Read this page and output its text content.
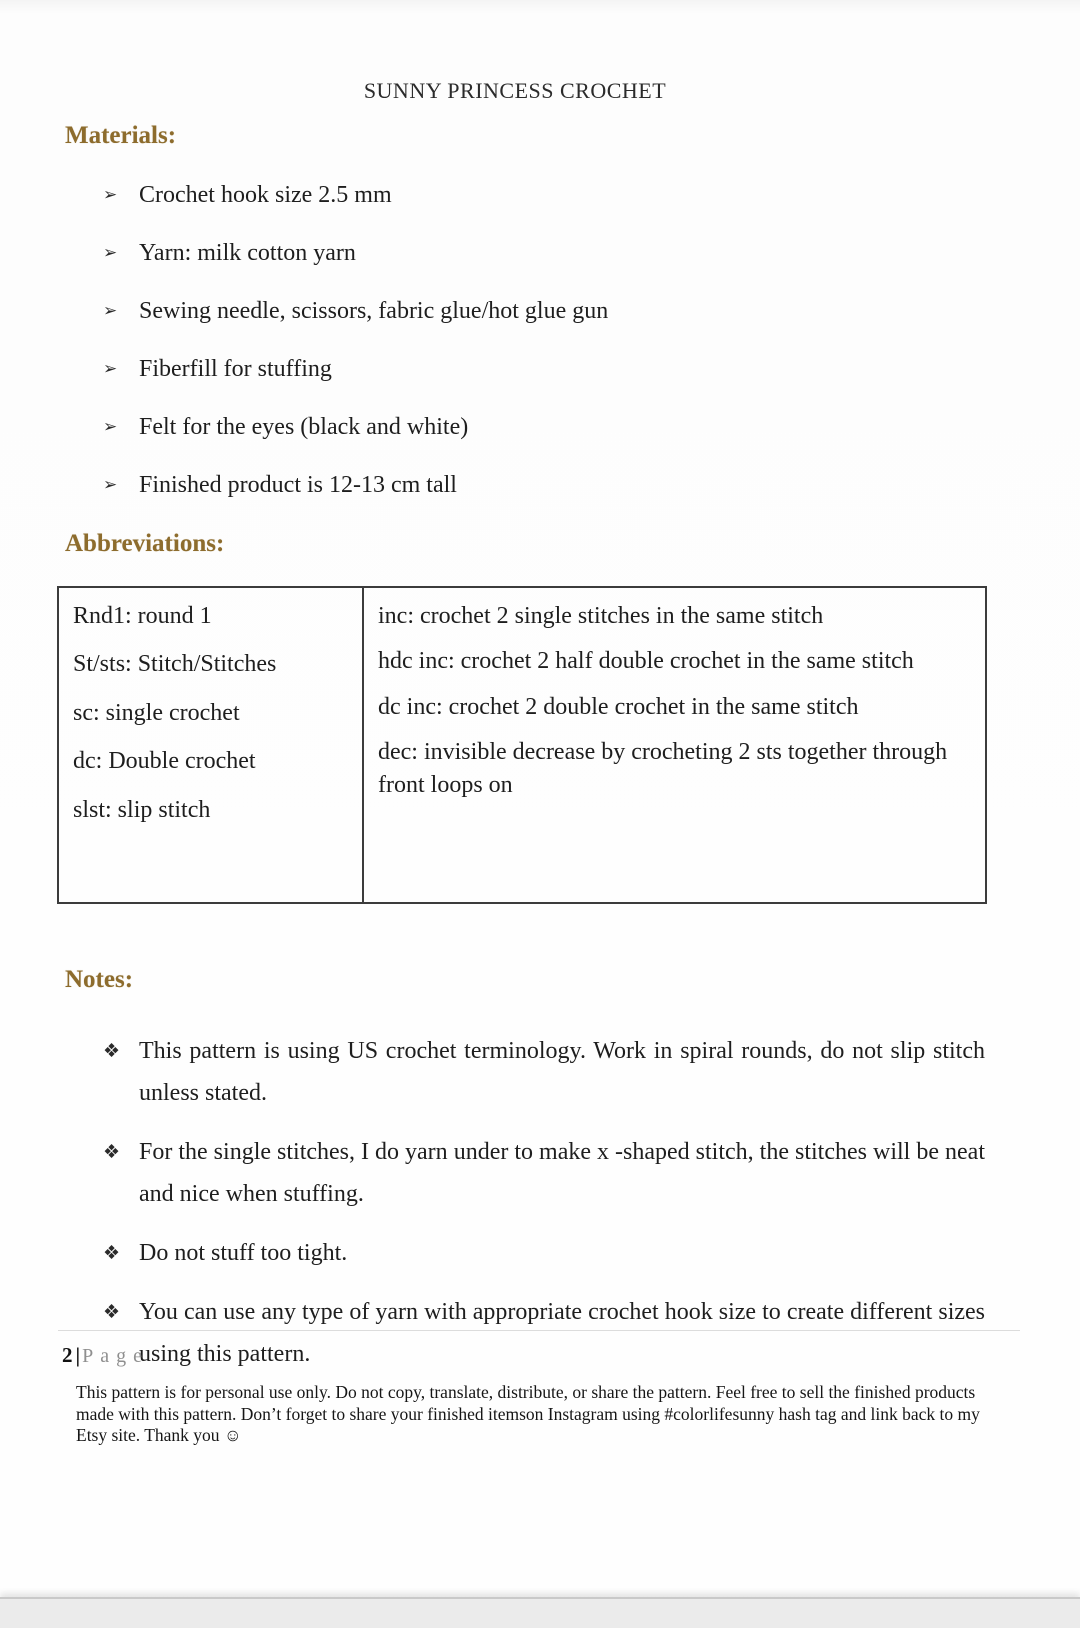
SUNNY PRINCESS CROCHET
Materials:
➢ Crochet hook size 2.5 mm
➢ Yarn: milk cotton yarn
➢ Sewing needle, scissors, fabric glue/hot glue gun
➢ Fiberfill for stuffing
➢ Felt for the eyes (black and white)
➢ Finished product is 12-13 cm tall
Abbreviations:
Rnd1: round 1
St/sts: Stitch/Stitches
sc: single crochet
dc: Double crochet
slst: slip stitch

inc: crochet 2 single stitches in the same stitch
hdc inc: crochet 2 half double crochet in the same stitch
dc inc: crochet 2 double crochet in the same stitch
dec: invisible decrease by crocheting 2 sts together through front loops on
Notes:
❖ This pattern is using US crochet terminology. Work in spiral rounds, do not slip stitch unless stated.
❖ For the single stitches, I do yarn under to make x -shaped stitch, the stitches will be neat and nice when stuffing.
❖ Do not stuff too tight.
❖ You can use any type of yarn with appropriate crochet hook size to create different sizes using this pattern.
2 | Page
This pattern is for personal use only. Do not copy, translate, distribute, or share the pattern. Feel free to sell the finished products made with this pattern. Don’t forget to share your finished itemson Instagram using #colorlifesunny hash tag and link back to my Etsy site. Thank you ☺
